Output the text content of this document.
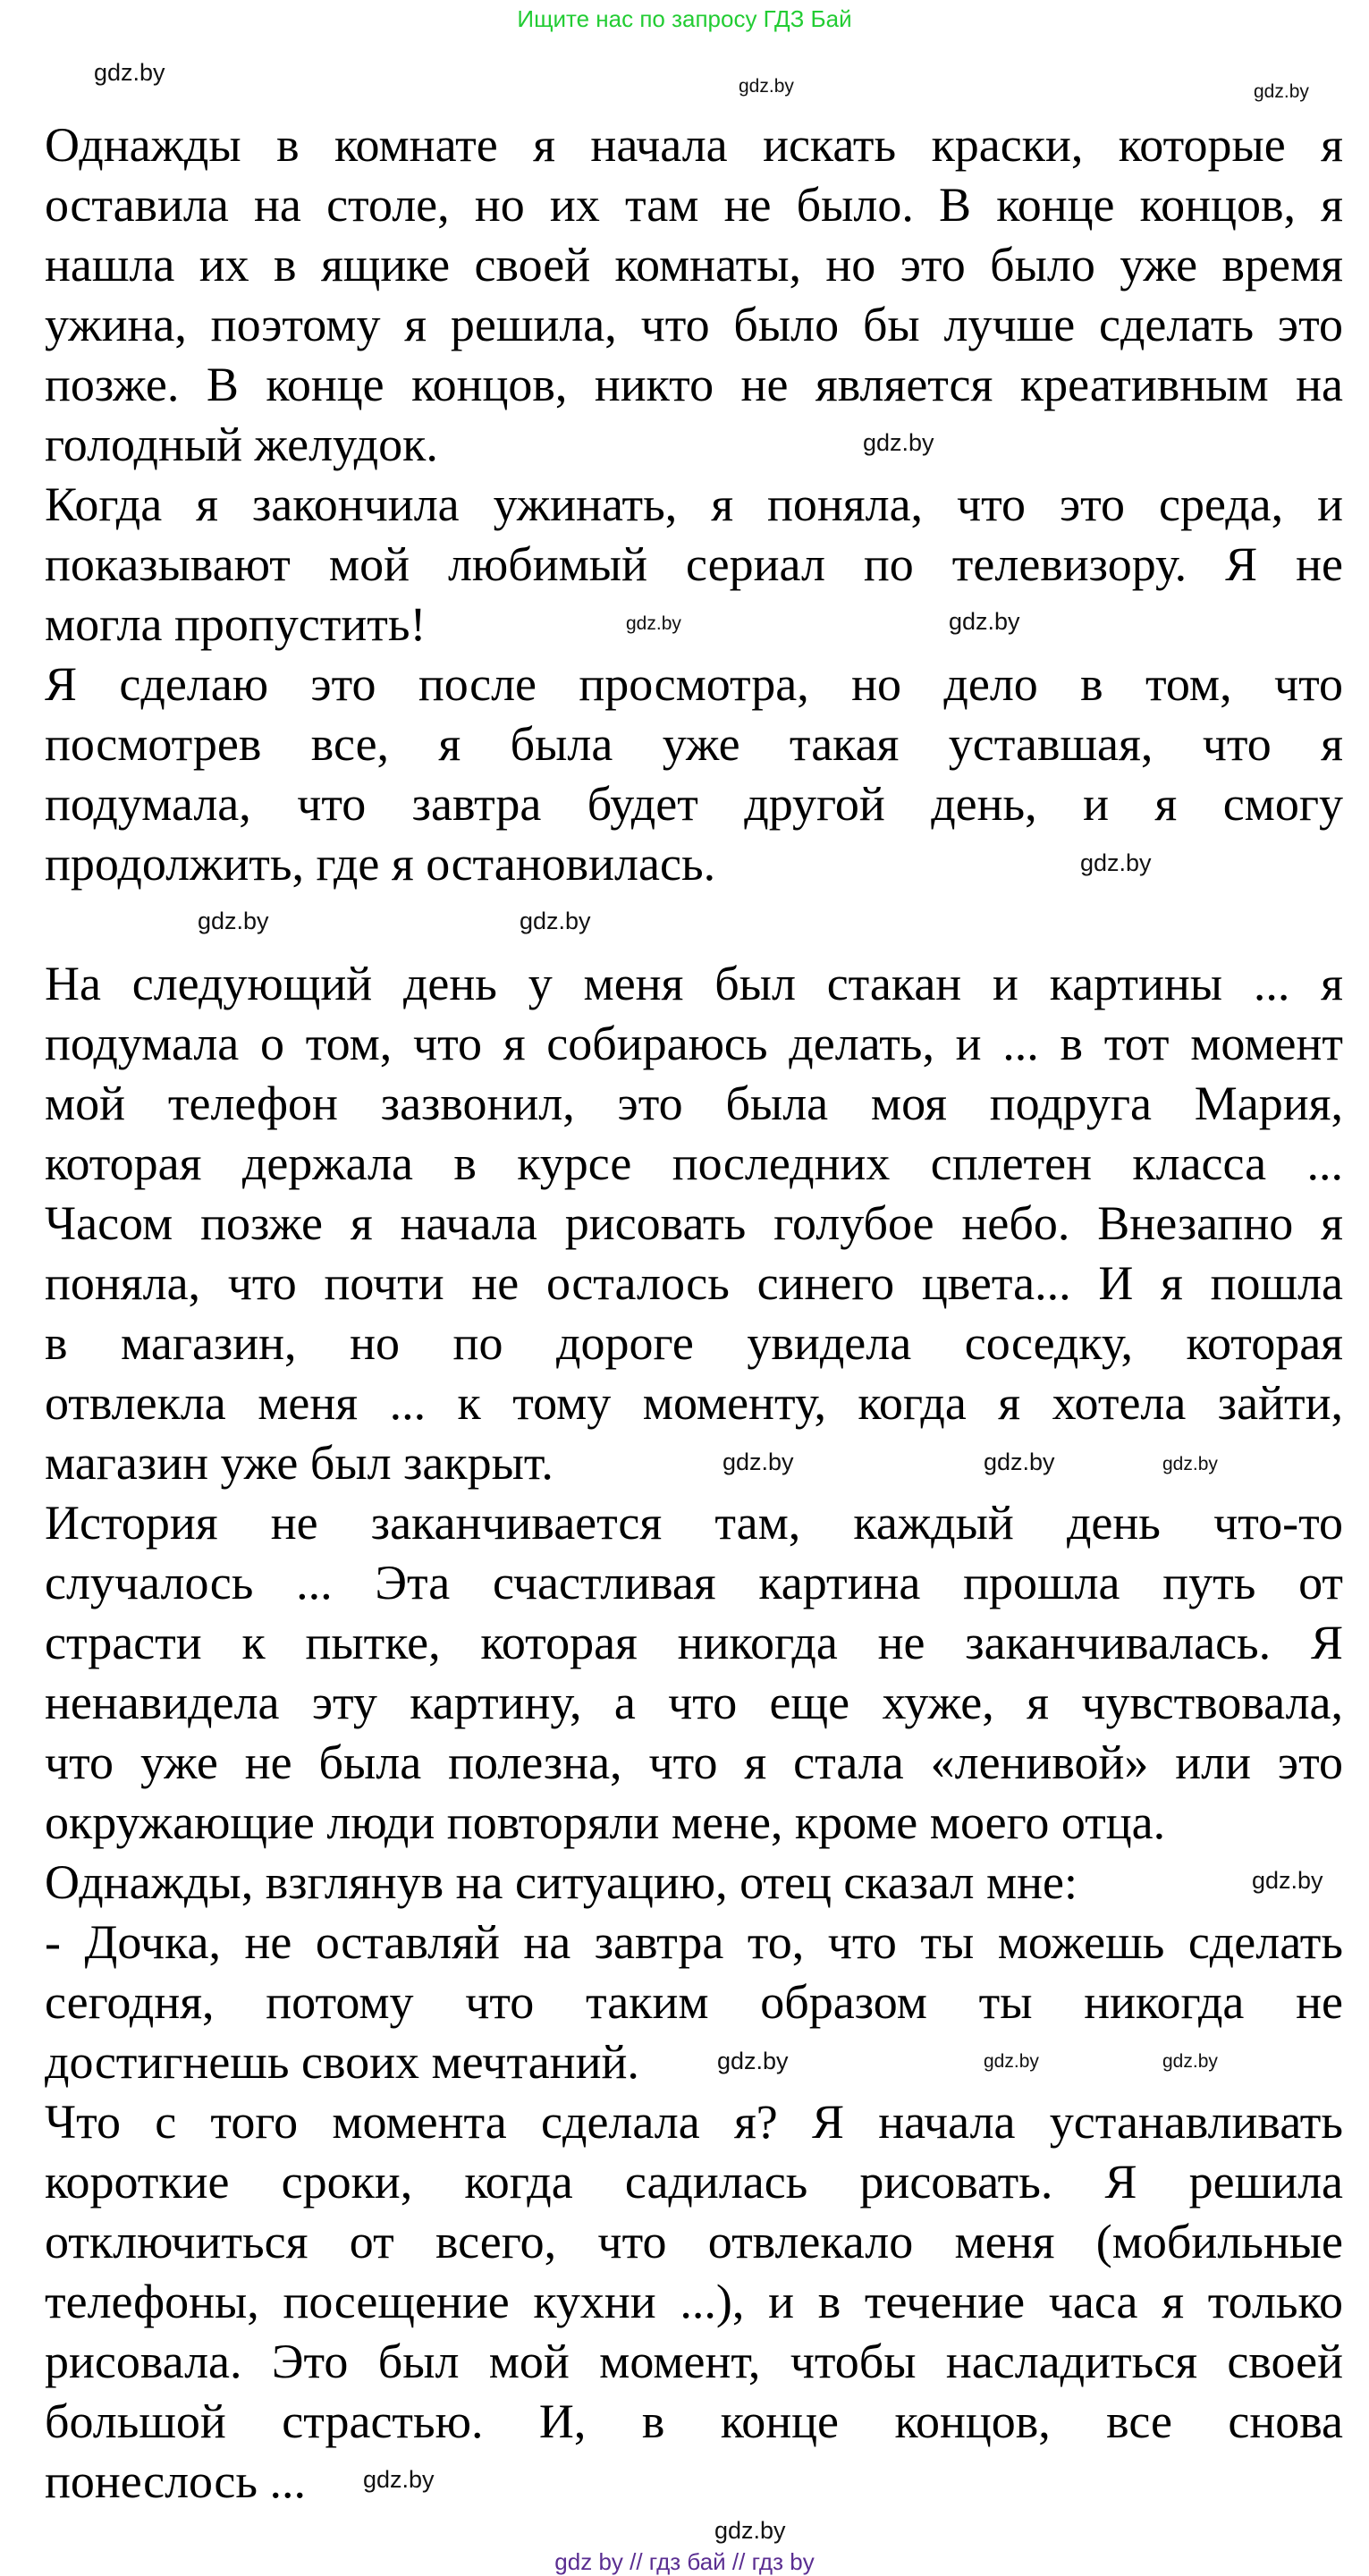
Ищите нас по запросу ГДЗ Бай
Однажды в комнате я начала искать краски, которые я
оставила на столе, но их там не было. В конце концов, я
нашла их в ящике своей комнаты, но это было уже время
ужина, поэтому я решила, что было бы лучше сделать это
позже. В конце концов, никто не является креативным на
голодный желудок.
Когда я закончила ужинать, я поняла, что это среда, и
показывают мой любимый сериал по телевизору. Я не
могла пропустить!
Я сделаю это после просмотра, но дело в том, что
посмотрев все, я была уже такая уставшая, что я
подумала, что завтра будет другой день, и я смогу
продолжить, где я остановилась.
На следующий день у меня был стакан и картины ... я
подумала о том, что я собираюсь делать, и ... в тот момент
мой телефон зазвонил, это была моя подруга Мария,
которая держала в курсе последних сплетен класса ...
Часом позже я начала рисовать голубое небо. Внезапно я
поняла, что почти не осталось синего цвета... И я пошла
в магазин, но по дороге увидела соседку, которая
отвлекла меня ... к тому моменту, когда я хотела зайти,
магазин уже был закрыт.
История не заканчивается там, каждый день что-то
случалось ... Эта счастливая картина прошла путь от
страсти к пытке, которая никогда не заканчивалась. Я
ненавидела эту картину, а что еще хуже, я чувствовала,
что уже не была полезна, что я стала «ленивой» или это
окружающие люди повторяли мене, кроме моего отца.
Однажды, взглянув на ситуацию, отец сказал мне:
- Дочка, не оставляй на завтра то, что ты можешь сделать
сегодня, потому что таким образом ты никогда не
достигнешь своих мечтаний.
Что с того момента сделала я? Я начала устанавливать
короткие сроки, когда садилась рисовать. Я решила
отключиться от всего, что отвлекало меня (мобильные
телефоны, посещение кухни ...), и в течение часа я только
рисовала. Это был мой момент, чтобы насладиться своей
большой страстью. И, в конце концов, все снова
понеслось ...
gdz.by
gdz.by	gdz.by
gdz.by
gdz.by
gdz.by
gdz.by
gdz.by	gdz.by
gdz.by	gdz.by	gdz.by
gdz.by
gdz.by	gdz.by	gdz.by
gdz.by
gdz.by
gdz by // гдз бай // гдз by
